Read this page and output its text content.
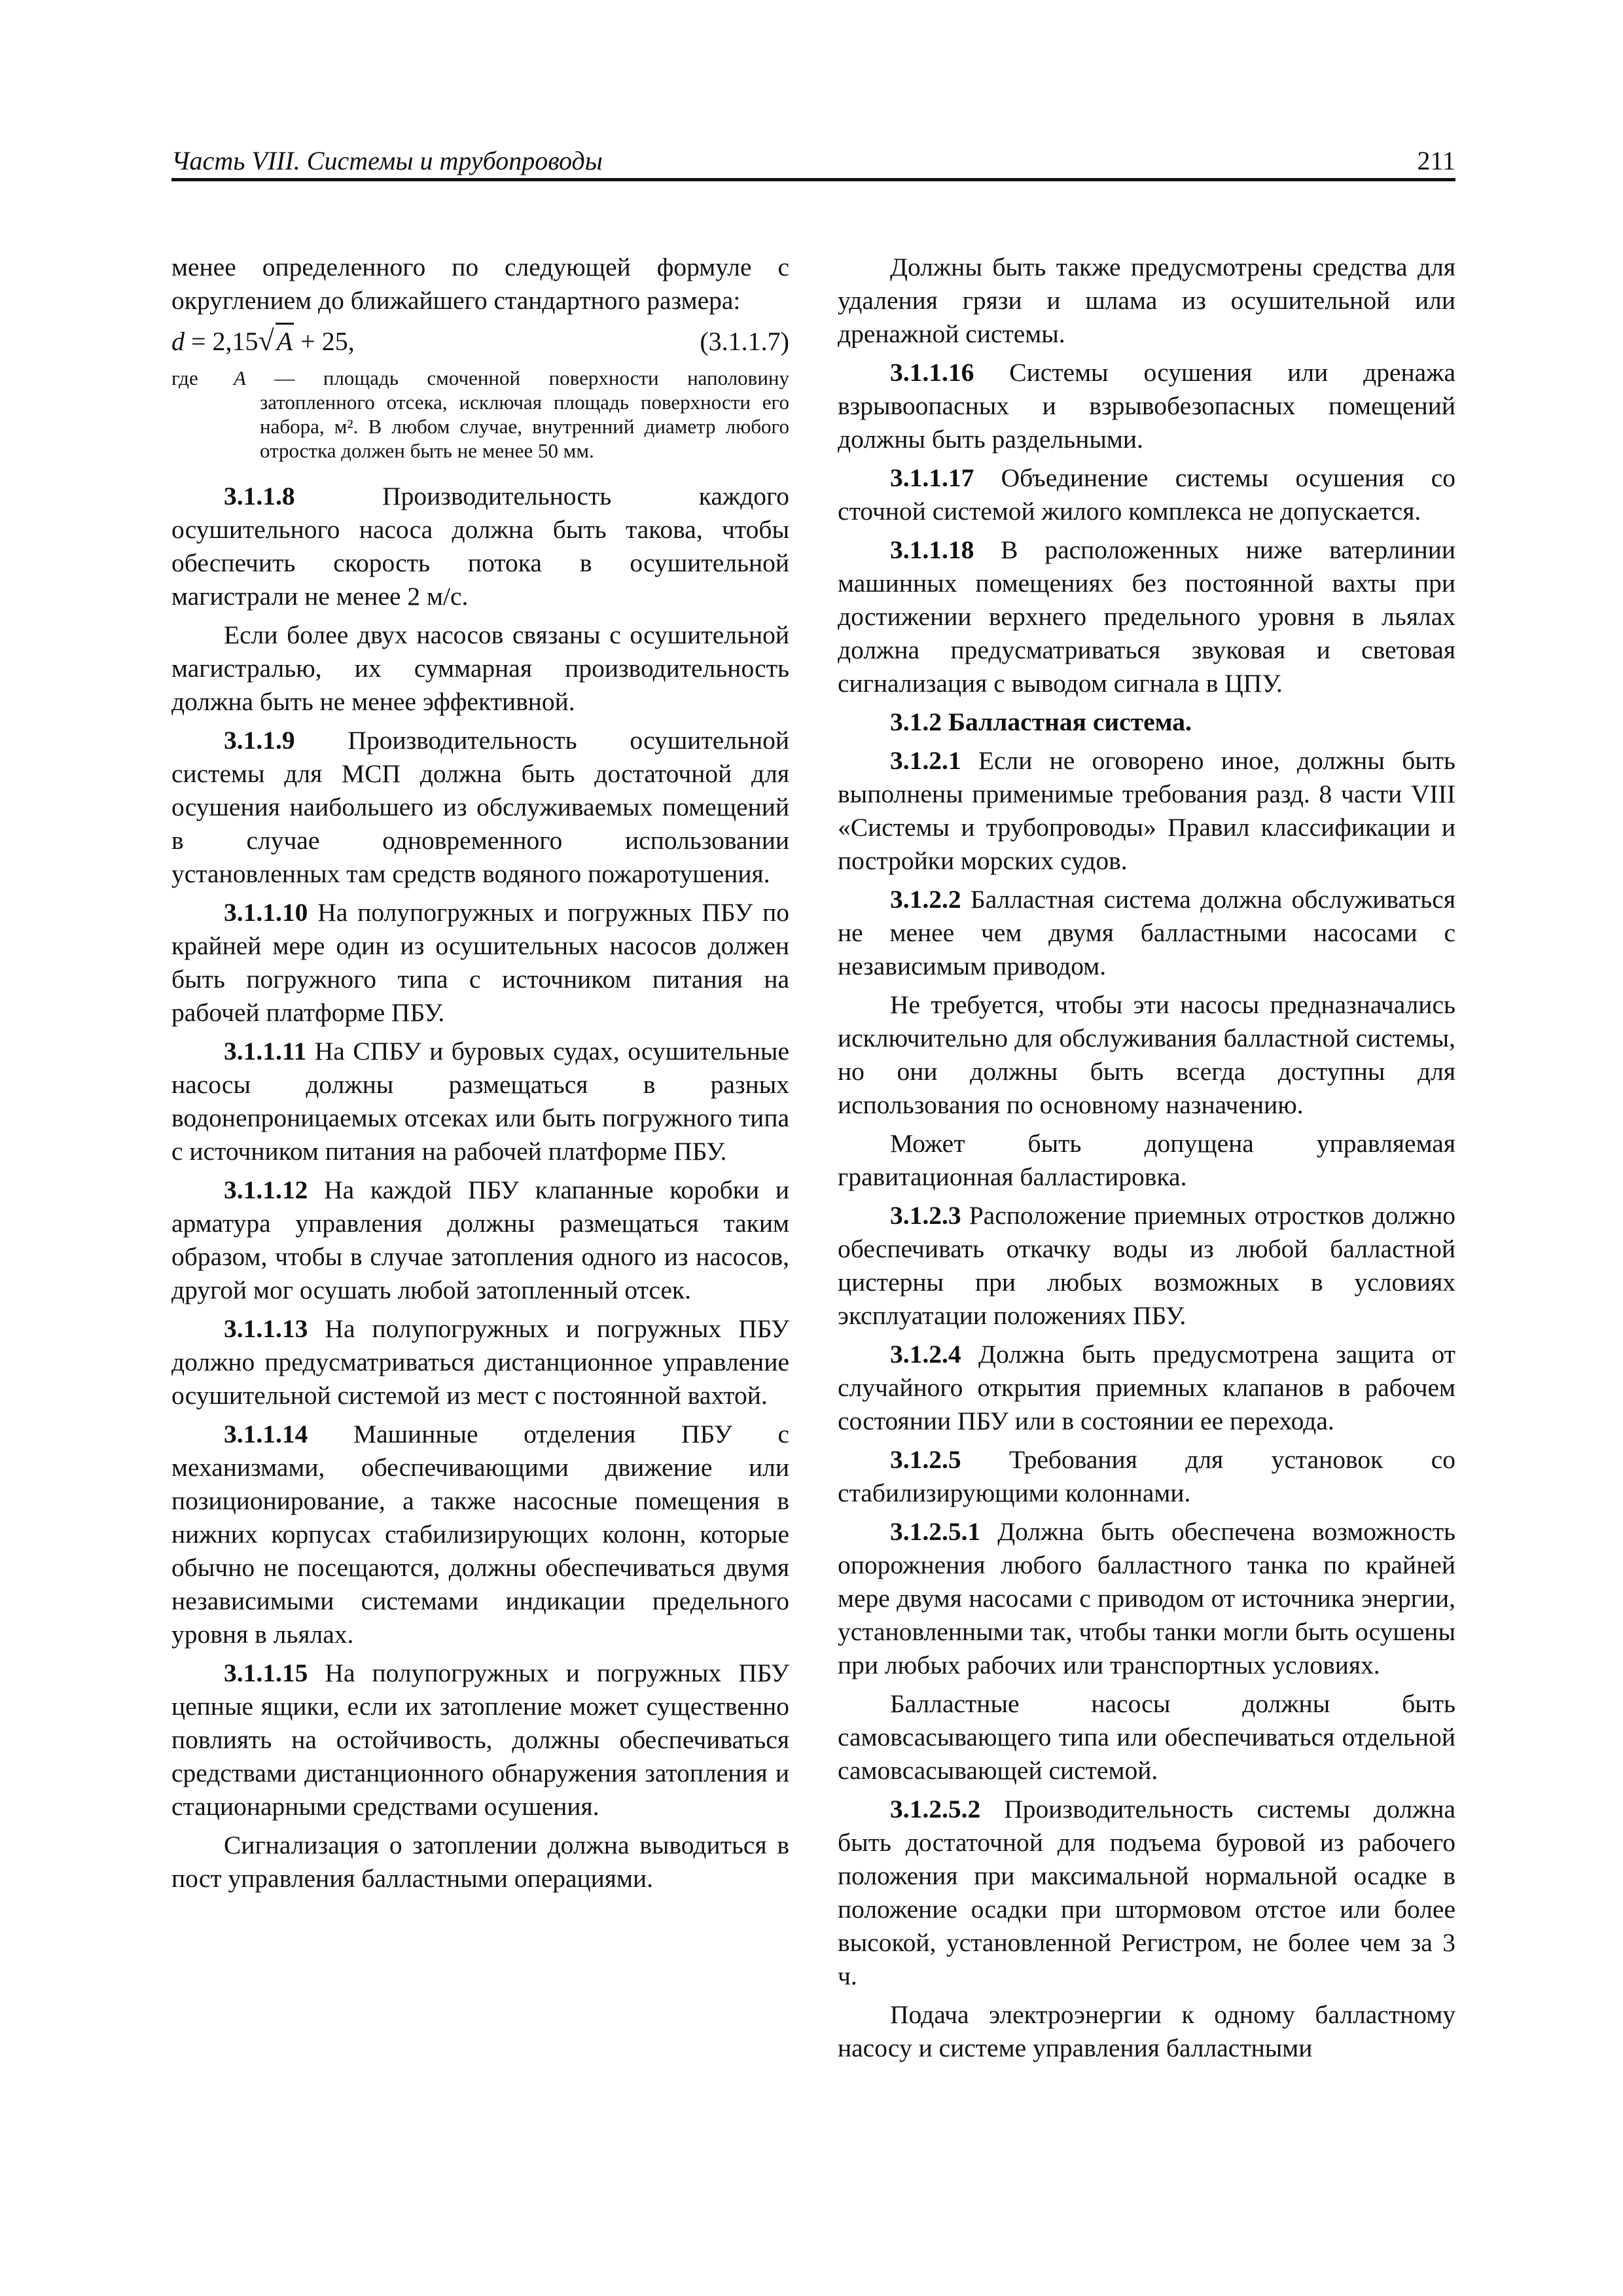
Часть VIII. Системы и трубопроводы	211

менее определенного по следующей формуле с округлением до ближайшего стандартного размера:

d = 2,15√ A + 25,	(3.1.1.7)
где	A — площадь смоченной поверхности наполовину затопленного отсека, исключая площадь поверхности его набора, м². В любом случае, внутренний диаметр любого отростка должен быть не менее 50 мм.

3.1.1.8 Производительность каждого осушительного насоса должна быть такова, чтобы обеспечить скорость потока в осушительной магистрали не менее 2 м/с.

Если более двух насосов связаны с осушительной магистралью, их суммарная производительность должна быть не менее эффективной.

3.1.1.9 Производительность осушительной системы для МСП должна быть достаточной для осушения наибольшего из обслуживаемых помещений в случае одновременного использовании установленных там средств водяного пожаротушения.

3.1.1.10 На полупогружных и погружных ПБУ по крайней мере один из осушительных насосов должен быть погружного типа с источником питания на рабочей платформе ПБУ.

3.1.1.11 На СПБУ и буровых судах, осушительные насосы должны размещаться в разных водонепроницаемых отсеках или быть погружного типа с источником питания на рабочей платформе ПБУ.

3.1.1.12 На каждой ПБУ клапанные коробки и арматура управления должны размещаться таким образом, чтобы в случае затопления одного из насосов, другой мог осушать любой затопленный отсек.

3.1.1.13 На полупогружных и погружных ПБУ должно предусматриваться дистанционное управление осушительной системой из мест с постоянной вахтой.

3.1.1.14 Машинные отделения ПБУ с механизмами, обеспечивающими движение или позиционирование, а также насосные помещения в нижних корпусах стабилизирующих колонн, которые обычно не посещаются, должны обеспечиваться двумя независимыми системами индикации предельного уровня в льялах.

3.1.1.15 На полупогружных и погружных ПБУ цепные ящики, если их затопление может существенно повлиять на остойчивость, должны обеспечиваться средствами дистанционного обнаружения затопления и стационарными средствами осушения.

Сигнализация о затоплении должна выводиться в пост управления балластными операциями.

Должны быть также предусмотрены средства для удаления грязи и шлама из осушительной или дренажной системы.

3.1.1.16 Системы осушения или дренажа взрывоопасных и взрывобезопасных помещений должны быть раздельными.

3.1.1.17 Объединение системы осушения со сточной системой жилого комплекса не допускается.

3.1.1.18 В расположенных ниже ватерлинии машинных помещениях без постоянной вахты при достижении верхнего предельного уровня в льялах должна предусматриваться звуковая и световая сигнализация с выводом сигнала в ЦПУ.

3.1.2 Балластная система.

3.1.2.1 Если не оговорено иное, должны быть выполнены применимые требования разд. 8 части VIII «Системы и трубопроводы» Правил классификации и постройки морских судов.

3.1.2.2 Балластная система должна обслуживаться не менее чем двумя балластными насосами с независимым приводом.

Не требуется, чтобы эти насосы предназначались исключительно для обслуживания балластной системы, но они должны быть всегда доступны для использования по основному назначению.

Может быть допущена управляемая гравитационная балластировка.

3.1.2.3 Расположение приемных отростков должно обеспечивать откачку воды из любой балластной цистерны при любых возможных в условиях эксплуатации положениях ПБУ.

3.1.2.4 Должна быть предусмотрена защита от случайного открытия приемных клапанов в рабочем состоянии ПБУ или в состоянии ее перехода.

3.1.2.5 Требования для установок со стабилизирующими колоннами.

3.1.2.5.1 Должна быть обеспечена возможность опорожнения любого балластного танка по крайней мере двумя насосами с приводом от источника энергии, установленными так, чтобы танки могли быть осушены при любых рабочих или транспортных условиях.

Балластные насосы должны быть самовсасывающего типа или обеспечиваться отдельной самовсасывающей системой.

3.1.2.5.2 Производительность системы должна быть достаточной для подъема буровой из рабочего положения при максимальной нормальной осадке в положение осадки при штормовом отстое или более высокой, установленной Регистром, не более чем за 3 ч.

Подача электроэнергии к одному балластному насосу и системе управления балластными
